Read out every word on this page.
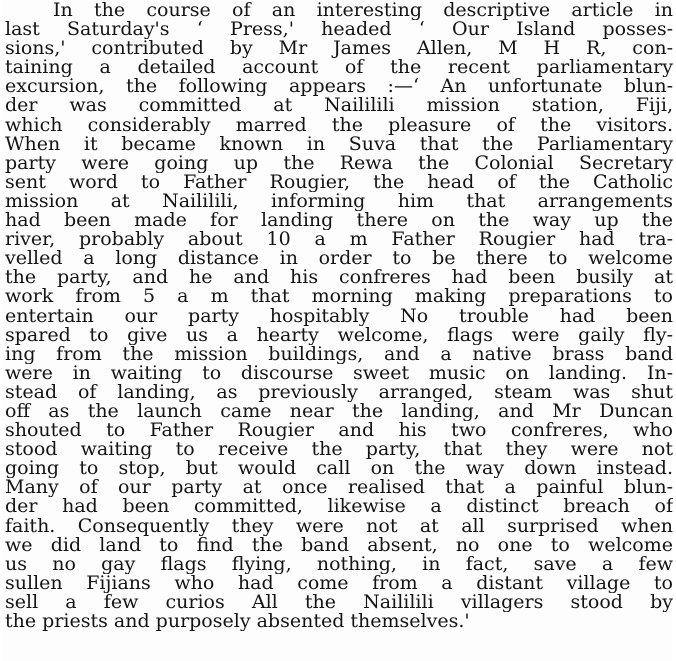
In the course of an interesting descriptive article in
last Saturday's ‘ Press,' headed ‘ Our Island posses-
sions,' contributed by Mr James Allen, M H R, con-
taining a detailed account of the recent parliamentary
excursion, the following appears :—‘ An unfortunate blun-
der was committed at Naililili mission station, Fiji,
which considerably marred the pleasure of the visitors.
When it became known in Suva that the Parliamentary
party were going up the Rewa the Colonial Secretary
sent word to Father Rougier, the head of the Catholic
mission at Naililili, informing him that arrangements
had been made for landing there on the way up the
river, probably about 10 a m Father Rougier had tra-
velled a long distance in order to be there to welcome
the party, and he and his confreres had been busily at
work from 5 a m that morning making preparations to
entertain our party hospitably No trouble had been
spared to give us a hearty welcome, flags were gaily fly-
ing from the mission buildings, and a native brass band
were in waiting to discourse sweet music on landing. In-
stead of landing, as previously arranged, steam was shut
off as the launch came near the landing, and Mr Duncan
shouted to Father Rougier and his two confreres, who
stood waiting to receive the party, that they were not
going to stop, but would call on the way down instead.
Many of our party at once realised that a painful blun-
der had been committed, likewise a distinct breach of
faith. Consequently they were not at all surprised when
we did land to find the band absent, no one to welcome
us no gay flags flying, nothing, in fact, save a few
sullen Fijians who had come from a distant village to
sell a few curios All the Naililili villagers stood by
the priests and purposely absented themselves.'
